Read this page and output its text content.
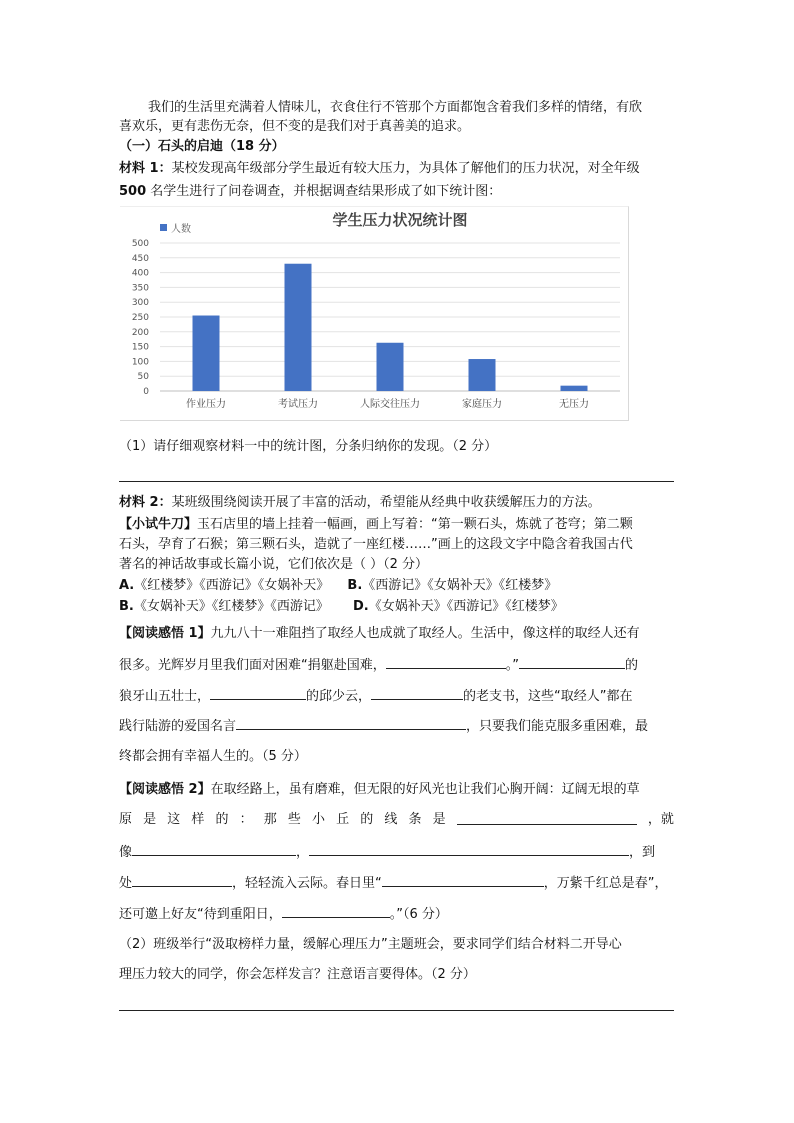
我们的生活里充满着人情味儿，衣食住行不管那个方面都饱含着我们多样的情绪，有欣
喜欢乐，更有悲伤无奈，但不变的是我们对于真善美的追求。
（一）石头的启迪（18 分）
材料 1：某校发现高年级部分学生最近有较大压力，为具体了解他们的压力状况，对全年级
500 名学生进行了问卷调查，并根据调查结果形成了如下统计图：
学生压力状况统计图
人数
0
50
100
150
200
250
300
350
400
450
500
作业压力	考试压力	人际交往压力	家庭压力	无压力
（1）请仔细观察材料一中的统计图，分条归纳你的发现。（2 分）
材料 2：某班级围绕阅读开展了丰富的活动，希望能从经典中收获缓解压力的方法。
【小试牛刀】玉石店里的墙上挂着一幅画，画上写着：“第一颗石头，炼就了苍穹；第二颗
石头，孕育了石猴；第三颗石头，造就了一座红楼……”画上的这段文字中隐含着我国古代
著名的神话故事或长篇小说，它们依次是（ ）（2 分）
A.《红楼梦》《西游记》《女娲补天》 B.《西游记》《女娲补天》《红楼梦》
B.《女娲补天》《红楼梦》《西游记》 D.《女娲补天》《西游记》《红楼梦》
【阅读感悟 1】九九八十一难阻挡了取经人也成就了取经人。生活中，像这样的取经人还有
很多。光辉岁月里我们面对困难“捐躯赴国难，	。”	的
狼牙山五壮士，	的邱少云，	的老支书，这些“取经人”都在
践行陆游的爱国名言	，只要我们能克服多重困难，最
终都会拥有幸福人生的。（5 分）
【阅读感悟 2】在取经路上，虽有磨难，但无限的好风光也让我们心胸开阔：辽阔无垠的草
原 是 这 样 的 ： 那 些 小 丘 的 线 条 是	，就
像	，	，到
处	，轻轻流入云际。春日里“	，万紫千红总是春”，
还可邀上好友“待到重阳日，	。”（6 分）
（2）班级举行“汲取榜样力量，缓解心理压力”主题班会，要求同学们结合材料二开导心
理压力较大的同学，你会怎样发言？注意语言要得体。（2 分）
